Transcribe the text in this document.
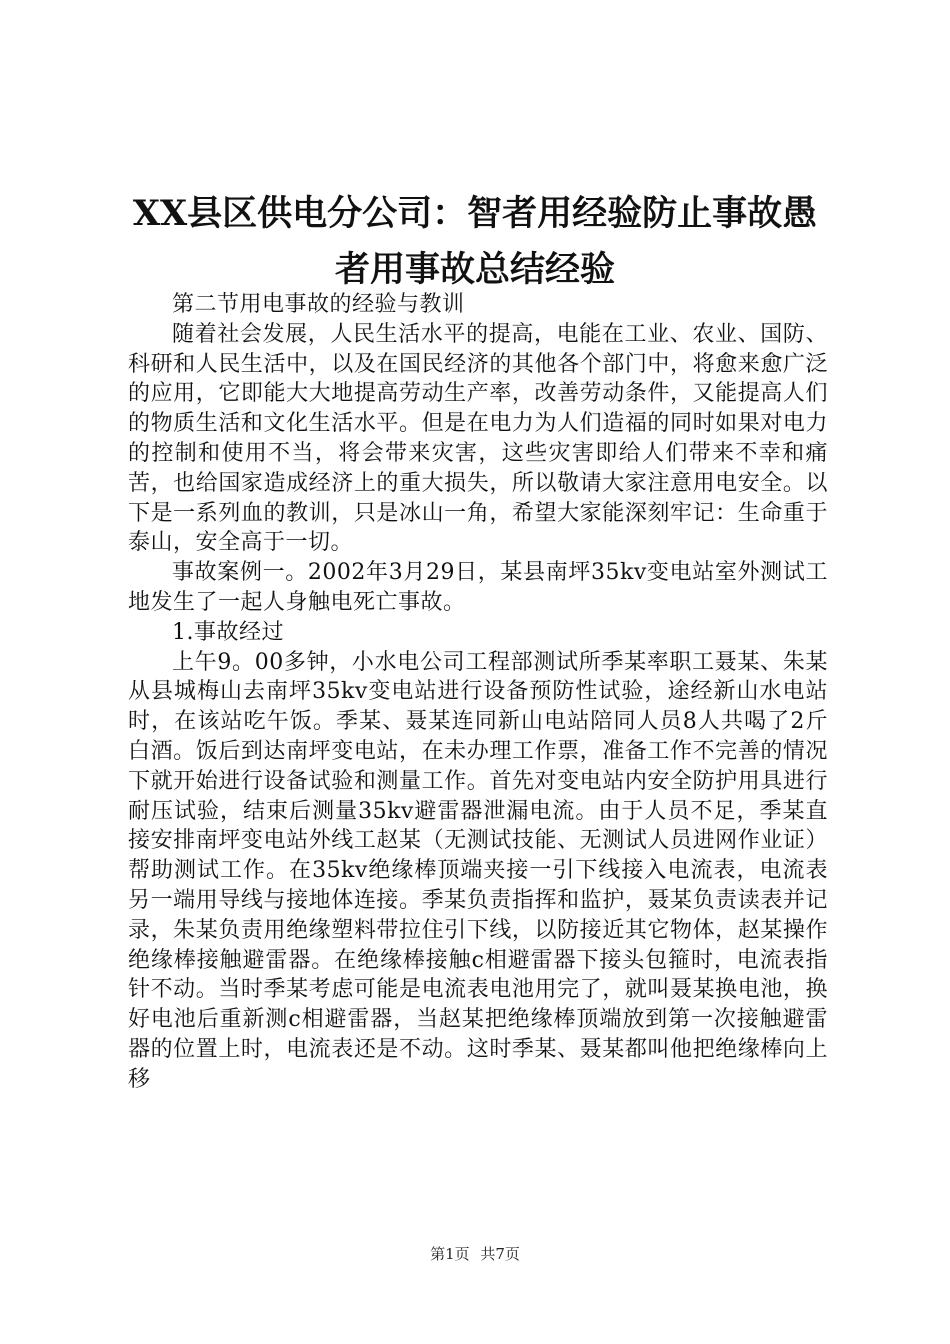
XX县区供电分公司：智者用经验防止事故愚
者用事故总结经验

第二节用电事故的经验与教训

随着社会发展，人民生活水平的提高，电能在工业、农业、国防、科研和人民生活中，以及在国民经济的其他各个部门中，将愈来愈广泛的应用，它即能大大地提高劳动生产率，改善劳动条件，又能提高人们的物质生活和文化生活水平。但是在电力为人们造福的同时如果对电力的控制和使用不当，将会带来灾害，这些灾害即给人们带来不幸和痛苦，也给国家造成经济上的重大损失，所以敬请大家注意用电安全。以下是一系列血的教训，只是冰山一角，希望大家能深刻牢记：生命重于泰山，安全高于一切。

事故案例一。2002年3月29日，某县南坪35kv变电站室外测试工地发生了一起人身触电死亡事故。

1.事故经过

上午9。00多钟，小水电公司工程部测试所季某率职工聂某、朱某从县城梅山去南坪35kv变电站进行设备预防性试验，途经新山水电站时，在该站吃午饭。季某、聂某连同新山电站陪同人员8人共喝了2斤白酒。饭后到达南坪变电站，在未办理工作票，准备工作不完善的情况下就开始进行设备试验和测量工作。首先对变电站内安全防护用具进行耐压试验，结束后测量35kv避雷器泄漏电流。由于人员不足，季某直接安排南坪变电站外线工赵某（无测试技能、无测试人员进网作业证）帮助测试工作。在35kv绝缘棒顶端夹接一引下线接入电流表，电流表另一端用导线与接地体连接。季某负责指挥和监护，聂某负责读表并记录，朱某负责用绝缘塑料带拉住引下线，以防接近其它物体，赵某操作绝缘棒接触避雷器。在绝缘棒接触c相避雷器下接头包箍时，电流表指针不动。当时季某考虑可能是电流表电池用完了，就叫聂某换电池，换好电池后重新测c相避雷器，当赵某把绝缘棒顶端放到第一次接触避雷器的位置上时，电流表还是不动。这时季某、聂某都叫他把绝缘棒向上移

第1页 共7页
